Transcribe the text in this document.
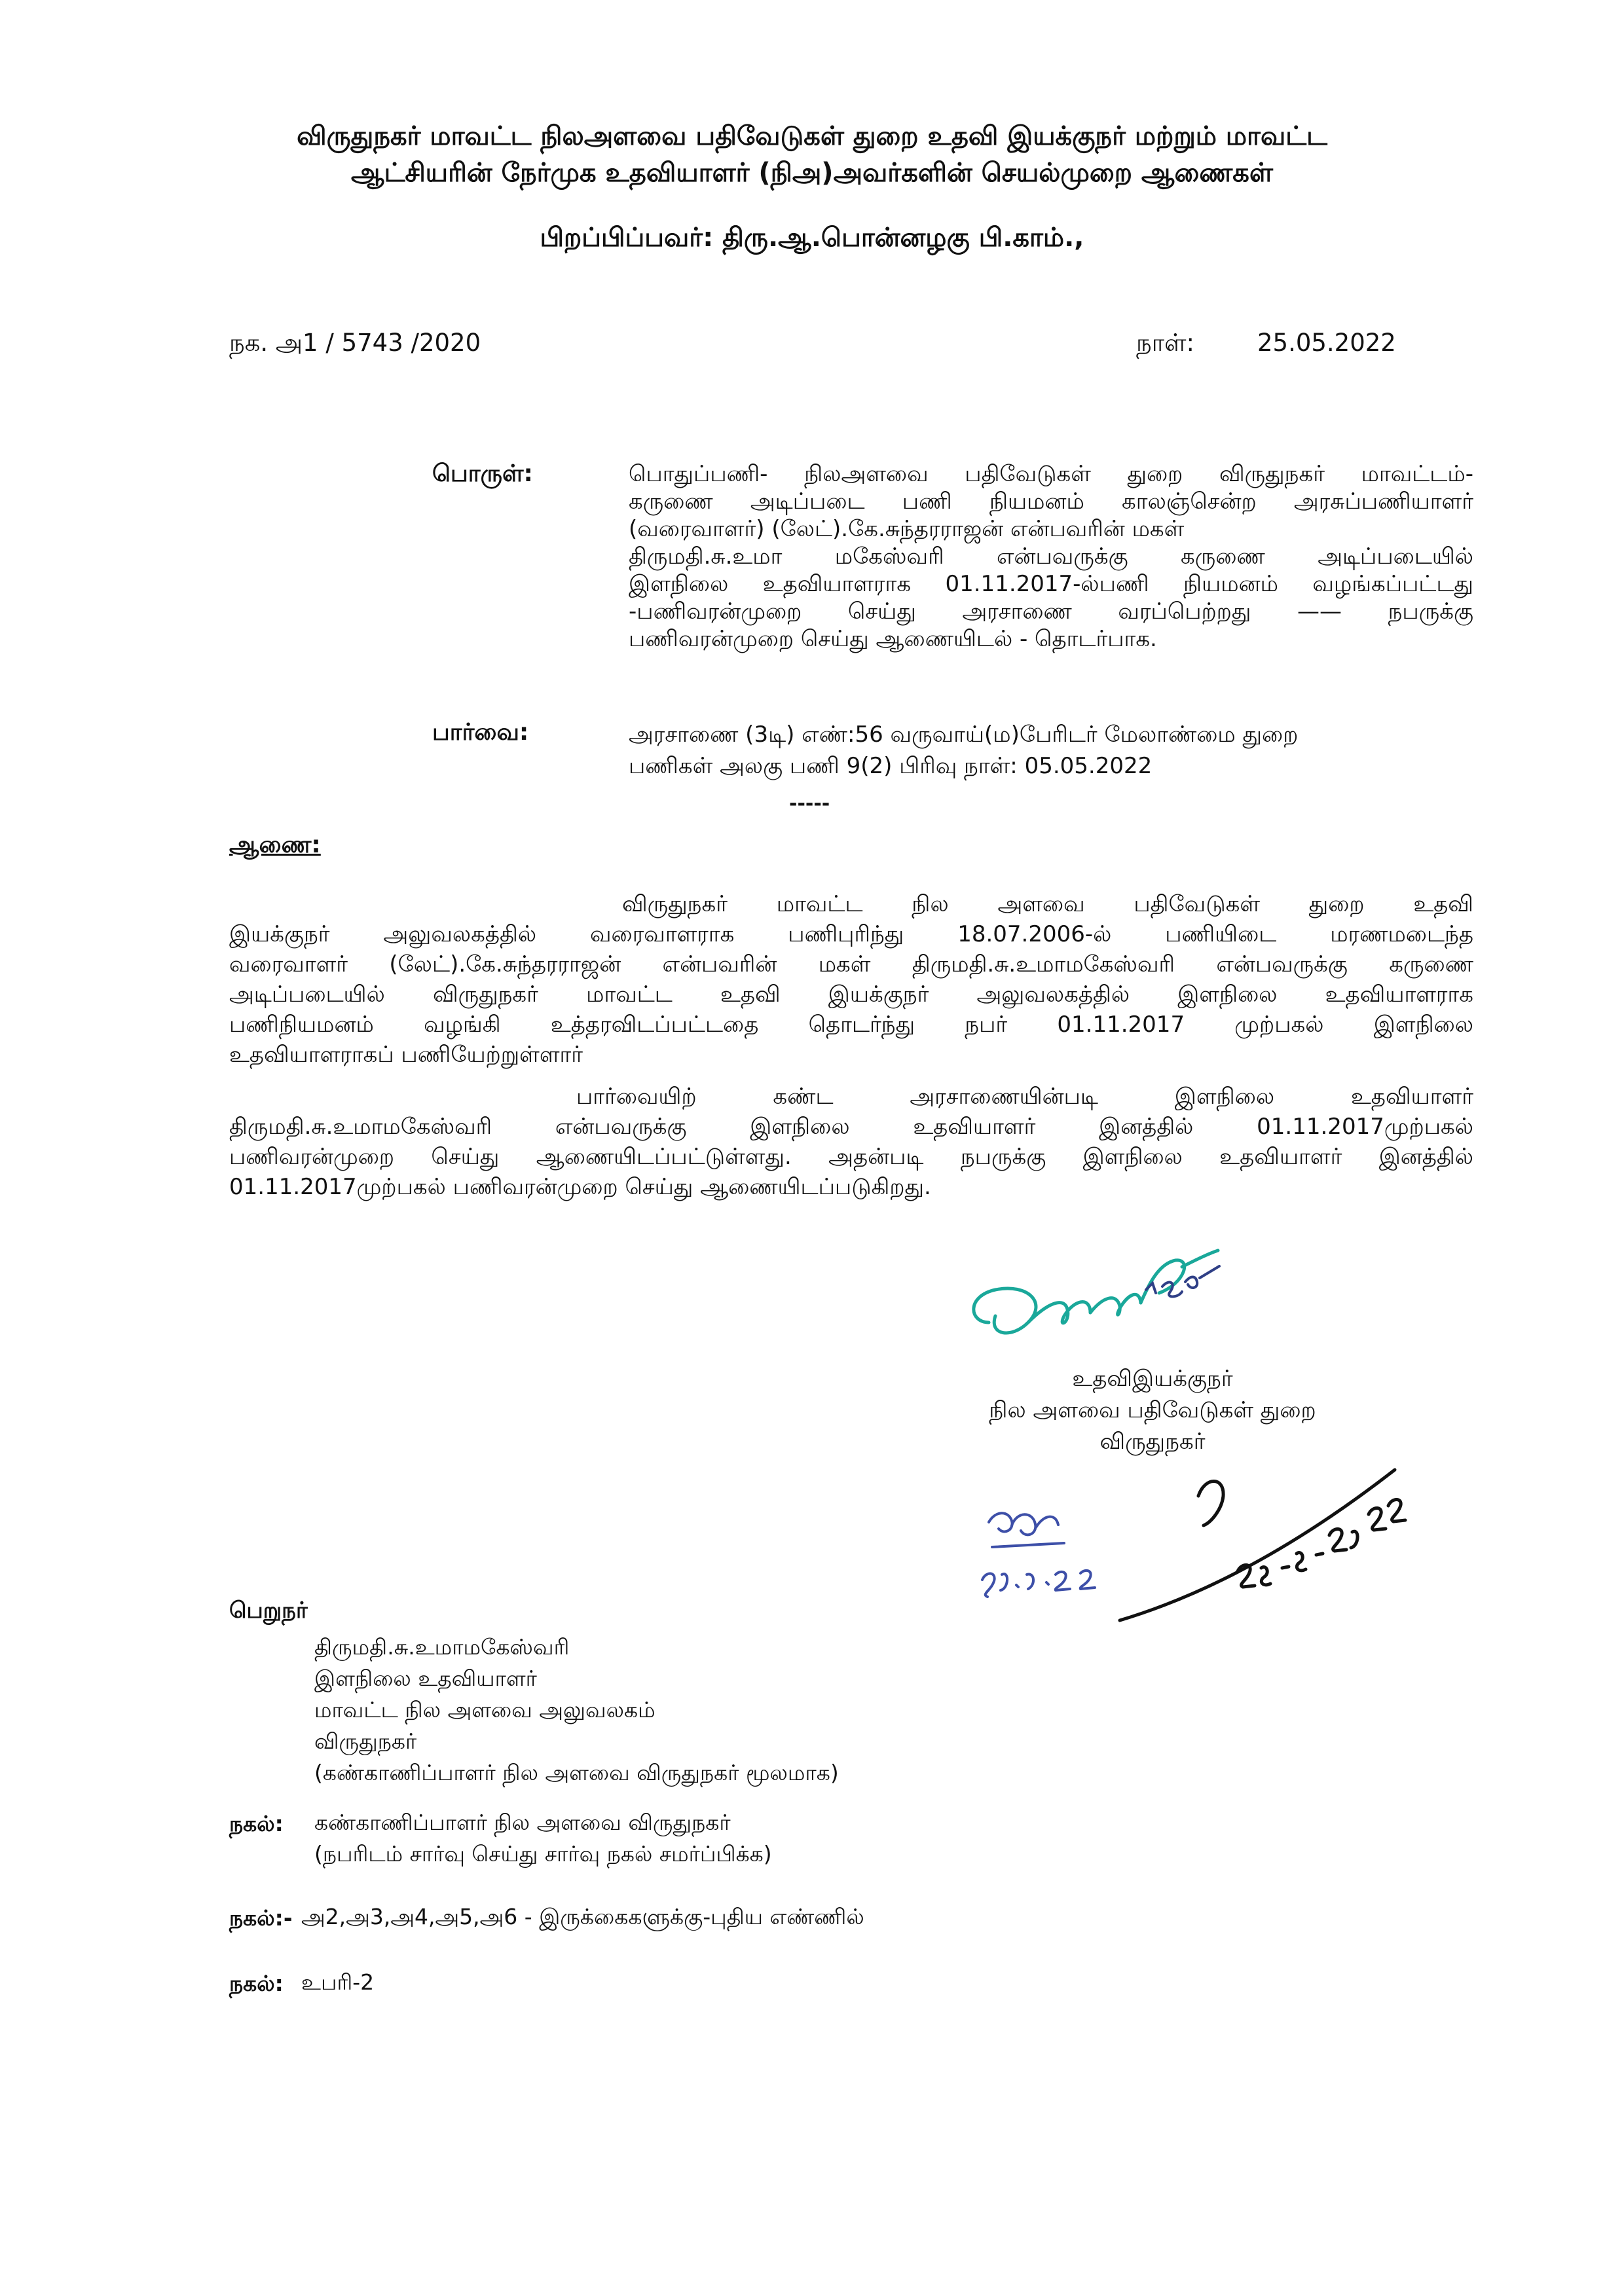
விருதுநகர் மாவட்ட நிலஅளவை பதிவேடுகள் துறை உதவி இயக்குநர் மற்றும் மாவட்ட
ஆட்சியரின் நேர்முக உதவியாளர் (நிஅ)அவர்களின் செயல்முறை ஆணைகள்
பிறப்பிப்பவர்: திரு.ஆ.பொன்னழகு பி.காம்.,
நக. அ1 / 5743 /2020	நாள்:	25.05.2022
பொருள்:	பொதுப்பணி- நிலஅளவை பதிவேடுகள் துறை விருதுநகர் மாவட்டம்-
கருணை அடிப்படை பணி நியமனம் காலஞ்சென்ற அரசுப்பணியாளர்
(வரைவாளர்) (லேட்).கே.சுந்தரராஜன் என்பவரின் மகள்
திருமதி.சு.உமா மகேஸ்வரி என்பவருக்கு கருணை அடிப்படையில்
இளநிலை உதவியாளராக 01.11.2017-ல்பணி நியமனம் வழங்கப்பட்டது
-பணிவரன்முறை செய்து அரசாணை வரப்பெற்றது —— நபருக்கு
பணிவரன்முறை செய்து ஆணையிடல் - தொடர்பாக.
பார்வை:	அரசாணை (3டி) எண்:56 வருவாய்(ம)பேரிடர் மேலாண்மை துறை
பணிகள் அலகு பணி 9(2) பிரிவு நாள்: 05.05.2022
-----
ஆணை:
விருதுநகர் மாவட்ட நில அளவை பதிவேடுகள் துறை உதவி
இயக்குநர் அலுவலகத்தில் வரைவாளராக பணிபுரிந்து 18.07.2006-ல் பணியிடை மரணமடைந்த
வரைவாளர் (லேட்).கே.சுந்தரராஜன் என்பவரின் மகள் திருமதி.சு.உமாமகேஸ்வரி என்பவருக்கு கருணை
அடிப்படையில் விருதுநகர் மாவட்ட உதவி இயக்குநர் அலுவலகத்தில் இளநிலை உதவியாளராக
பணிநியமனம் வழங்கி உத்தரவிடப்பட்டதை தொடர்ந்து நபர் 01.11.2017 முற்பகல் இளநிலை
உதவியாளராகப் பணியேற்றுள்ளார்
பார்வையிற் கண்ட அரசாணையின்படி இளநிலை உதவியாளர்
திருமதி.சு.உமாமகேஸ்வரி என்பவருக்கு இளநிலை உதவியாளர் இனத்தில் 01.11.2017முற்பகல்
பணிவரன்முறை செய்து ஆணையிடப்பட்டுள்ளது. அதன்படி நபருக்கு இளநிலை உதவியாளர் இனத்தில்
01.11.2017முற்பகல் பணிவரன்முறை செய்து ஆணையிடப்படுகிறது.
உதவிஇயக்குநர்
நில அளவை பதிவேடுகள் துறை
விருதுநகர்
பெறுநர்
திருமதி.சு.உமாமகேஸ்வரி
இளநிலை உதவியாளர்
மாவட்ட நில அளவை அலுவலகம்
விருதுநகர்
(கண்காணிப்பாளர் நில அளவை விருதுநகர் மூலமாக)
நகல்: கண்காணிப்பாளர் நில அளவை விருதுநகர்
(நபரிடம் சார்வு செய்து சார்வு நகல் சமர்ப்பிக்க)
நகல்:- அ2,அ3,அ4,அ5,அ6 - இருக்கைகளுக்கு-புதிய எண்ணில்
நகல்: உபரி-2
